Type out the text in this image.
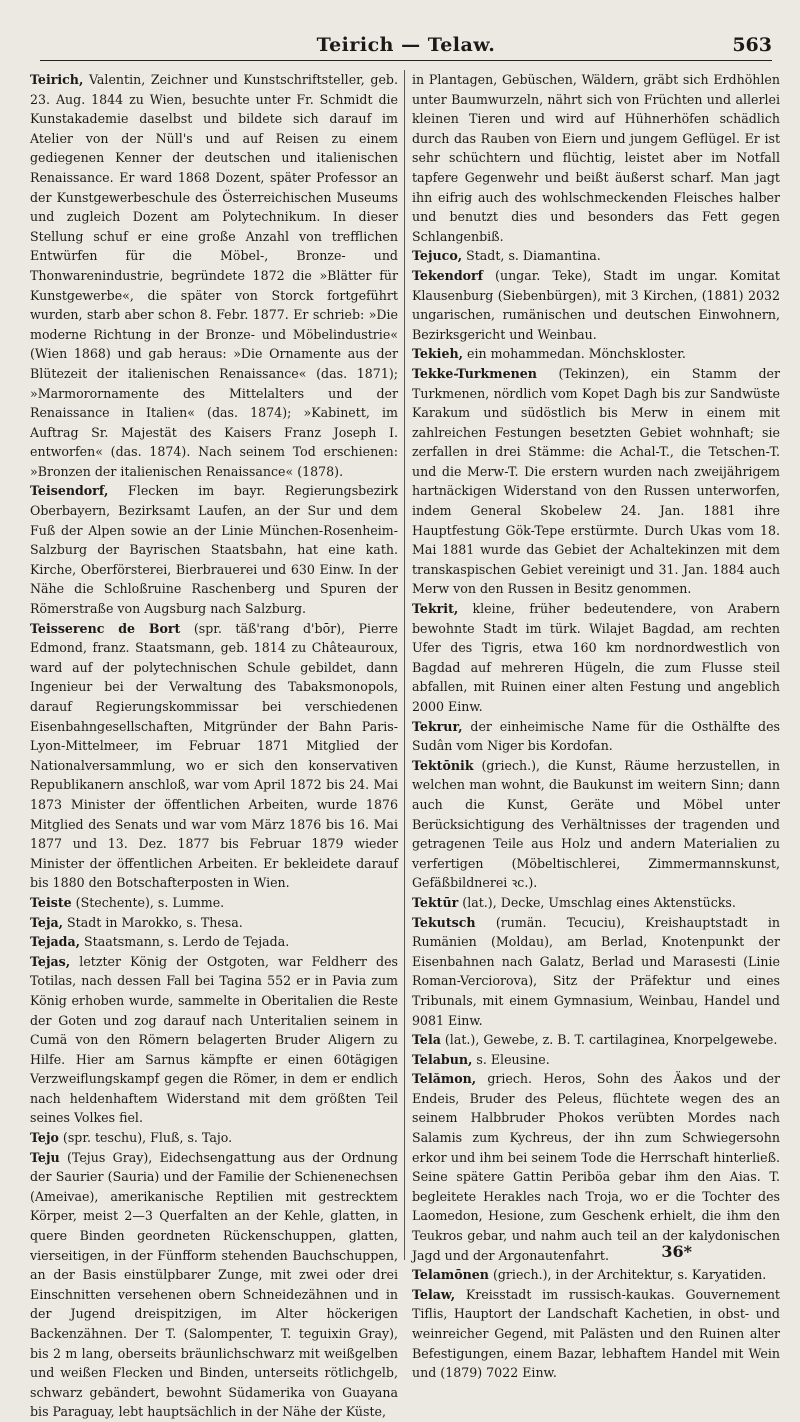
Teirich — Telaw.	563

Teirich, Valentin, Zeichner und Kunstschriftsteller, geb. 23. Aug. 1844 zu Wien, besuchte unter Fr. Schmidt die Kunstakademie daselbst und bildete sich darauf im Atelier von der Nüll's und auf Reisen zu einem gediegenen Kenner der deutschen und italienischen Renaissance. Er ward 1868 Dozent, später Professor an der Kunstgewerbeschule des Österreichischen Museums und zugleich Dozent am Polytechnikum. In dieser Stellung schuf er eine große Anzahl von trefflichen Entwürfen für die Möbel-, Bronze- und Thonwarenindustrie, begründete 1872 die »Blätter für Kunstgewerbe«, die später von Storck fortgeführt wurden, starb aber schon 8. Febr. 1877. Er schrieb: »Die moderne Richtung in der Bronze- und Möbelindustrie« (Wien 1868) und gab heraus: »Die Ornamente aus der Blütezeit der italienischen Renaissance« (das. 1871); »Marmorornamente des Mittelalters und der Renaissance in Italien« (das. 1874); »Kabinett, im Auftrag Sr. Majestät des Kaisers Franz Joseph I. entworfen« (das. 1874). Nach seinem Tod erschienen: »Bronzen der italienischen Renaissance« (1878).

Teisendorf, Flecken im bayr. Regierungsbezirk Oberbayern, Bezirksamt Laufen, an der Sur und dem Fuß der Alpen sowie an der Linie München-Rosenheim-Salzburg der Bayrischen Staatsbahn, hat eine kath. Kirche, Oberförsterei, Bierbrauerei und 630 Einw. In der Nähe die Schloßruine Raschenberg und Spuren der Römerstraße von Augsburg nach Salzburg.

Teisserenc de Bort (spr. täß'rang d'bōr), Pierre Edmond, franz. Staatsmann, geb. 1814 zu Châteauroux, ward auf der polytechnischen Schule gebildet, dann Ingenieur bei der Verwaltung des Tabaksmonopols, darauf Regierungskommissar bei verschiedenen Eisenbahngesellschaften, Mitgründer der Bahn Paris-Lyon-Mittelmeer, im Februar 1871 Mitglied der Nationalversammlung, wo er sich den konservativen Republikanern anschloß, war vom April 1872 bis 24. Mai 1873 Minister der öffentlichen Arbeiten, wurde 1876 Mitglied des Senats und war vom März 1876 bis 16. Mai 1877 und 13. Dez. 1877 bis Februar 1879 wieder Minister der öffentlichen Arbeiten. Er bekleidete darauf bis 1880 den Botschafterposten in Wien.

Teiste (Stechente), s. Lumme.

Teja, Stadt in Marokko, s. Thesa.

Tejada, Staatsmann, s. Lerdo de Tejada.

Tejas, letzter König der Ostgoten, war Feldherr des Totilas, nach dessen Fall bei Tagina 552 er in Pavia zum König erhoben wurde, sammelte in Oberitalien die Reste der Goten und zog darauf nach Unteritalien seinem in Cumä von den Römern belagerten Bruder Aligern zu Hilfe. Hier am Sarnus kämpfte er einen 60tägigen Verzweiflungskampf gegen die Römer, in dem er endlich nach heldenhaftem Widerstand mit dem größten Teil seines Volkes fiel.

Tejo (spr. teschu), Fluß, s. Tajo.

Teju (Tejus Gray), Eidechsengattung aus der Ordnung der Saurier (Sauria) und der Familie der Schienenechsen (Ameivae), amerikanische Reptilien mit gestrecktem Körper, meist 2—3 Querfalten an der Kehle, glatten, in quere Binden geordneten Rückenschuppen, glatten, vierseitigen, in der Fünfform stehenden Bauchschuppen, an der Basis einstülpbarer Zunge, mit zwei oder drei Einschnitten versehenen obern Schneidezähnen und in der Jugend dreispitzigen, im Alter höckerigen Backenzähnen. Der T. (Salompenter, T. teguixin Gray), bis 2 m lang, oberseits bräunlichschwarz mit weißgelben und weißen Flecken und Binden, unterseits rötlichgelb, schwarz gebändert, bewohnt Südamerika von Guayana bis Paraguay, lebt hauptsächlich in der Nähe der Küste,

in Plantagen, Gebüschen, Wäldern, gräbt sich Erdhöhlen unter Baumwurzeln, nährt sich von Früchten und allerlei kleinen Tieren und wird auf Hühnerhöfen schädlich durch das Rauben von Eiern und jungem Geflügel. Er ist sehr schüchtern und flüchtig, leistet aber im Notfall tapfere Gegenwehr und beißt äußerst scharf. Man jagt ihn eifrig auch des wohlschmeckenden Fleisches halber und benutzt dies und besonders das Fett gegen Schlangenbiß.

Tejuco, Stadt, s. Diamantina.

Tekendorf (ungar. Teke), Stadt im ungar. Komitat Klausenburg (Siebenbürgen), mit 3 Kirchen, (1881) 2032 ungarischen, rumänischen und deutschen Einwohnern, Bezirksgericht und Weinbau.

Tekieh, ein mohammedan. Mönchskloster.

Tekke-Turkmenen (Tekinzen), ein Stamm der Turkmenen, nördlich vom Kopet Dagh bis zur Sandwüste Karakum und südöstlich bis Merw in einem mit zahlreichen Festungen besetzten Gebiet wohnhaft; sie zerfallen in drei Stämme: die Achal-T., die Tetschen-T. und die Merw-T. Die erstern wurden nach zweijährigem hartnäckigen Widerstand von den Russen unterworfen, indem General Skobelew 24. Jan. 1881 ihre Hauptfestung Gök-Tepe erstürmte. Durch Ukas vom 18. Mai 1881 wurde das Gebiet der Achaltekinzen mit dem transkaspischen Gebiet vereinigt und 31. Jan. 1884 auch Merw von den Russen in Besitz genommen.

Tekrit, kleine, früher bedeutendere, von Arabern bewohnte Stadt im türk. Wilajet Bagdad, am rechten Ufer des Tigris, etwa 160 km nordnordwestlich von Bagdad auf mehreren Hügeln, die zum Flusse steil abfallen, mit Ruinen einer alten Festung und angeblich 2000 Einw.

Tekrur, der einheimische Name für die Osthälfte des Sudân vom Niger bis Kordofan.

Tektōnik (griech.), die Kunst, Räume herzustellen, in welchen man wohnt, die Baukunst im weitern Sinn; dann auch die Kunst, Geräte und Möbel unter Berücksichtigung des Verhältnisses der tragenden und getragenen Teile aus Holz und andern Materialien zu verfertigen (Möbeltischlerei, Zimmermannskunst, Gefäßbildnerei ꝛc.).

Tektūr (lat.), Decke, Umschlag eines Aktenstücks.

Tekutsch (rumän. Tecuciu), Kreishauptstadt in Rumänien (Moldau), am Berlad, Knotenpunkt der Eisenbahnen nach Galatz, Berlad und Marasesti (Linie Roman-Verciorova), Sitz der Präfektur und eines Tribunals, mit einem Gymnasium, Weinbau, Handel und 9081 Einw.

Tela (lat.), Gewebe, z. B. T. cartilaginea, Knorpelgewebe.

Telabun, s. Eleusine.

Telămon, griech. Heros, Sohn des Äakos und der Endeis, Bruder des Peleus, flüchtete wegen des an seinem Halbbruder Phokos verübten Mordes nach Salamis zum Kychreus, der ihn zum Schwiegersohn erkor und ihm bei seinem Tode die Herrschaft hinterließ. Seine spätere Gattin Periböa gebar ihm den Aias. T. begleitete Herakles nach Troja, wo er die Tochter des Laomedon, Hesione, zum Geschenk erhielt, die ihm den Teukros gebar, und nahm auch teil an der kalydonischen Jagd und der Argonautenfahrt.

Telamōnen (griech.), in der Architektur, s. Karyatiden.

Telaw, Kreisstadt im russisch-kaukas. Gouvernement Tiflis, Hauptort der Landschaft Kachetien, in obst- und weinreicher Gegend, mit Palästen und den Ruinen alter Befestigungen, einem Bazar, lebhaftem Handel mit Wein und (1879) 7022 Einw.

36*
